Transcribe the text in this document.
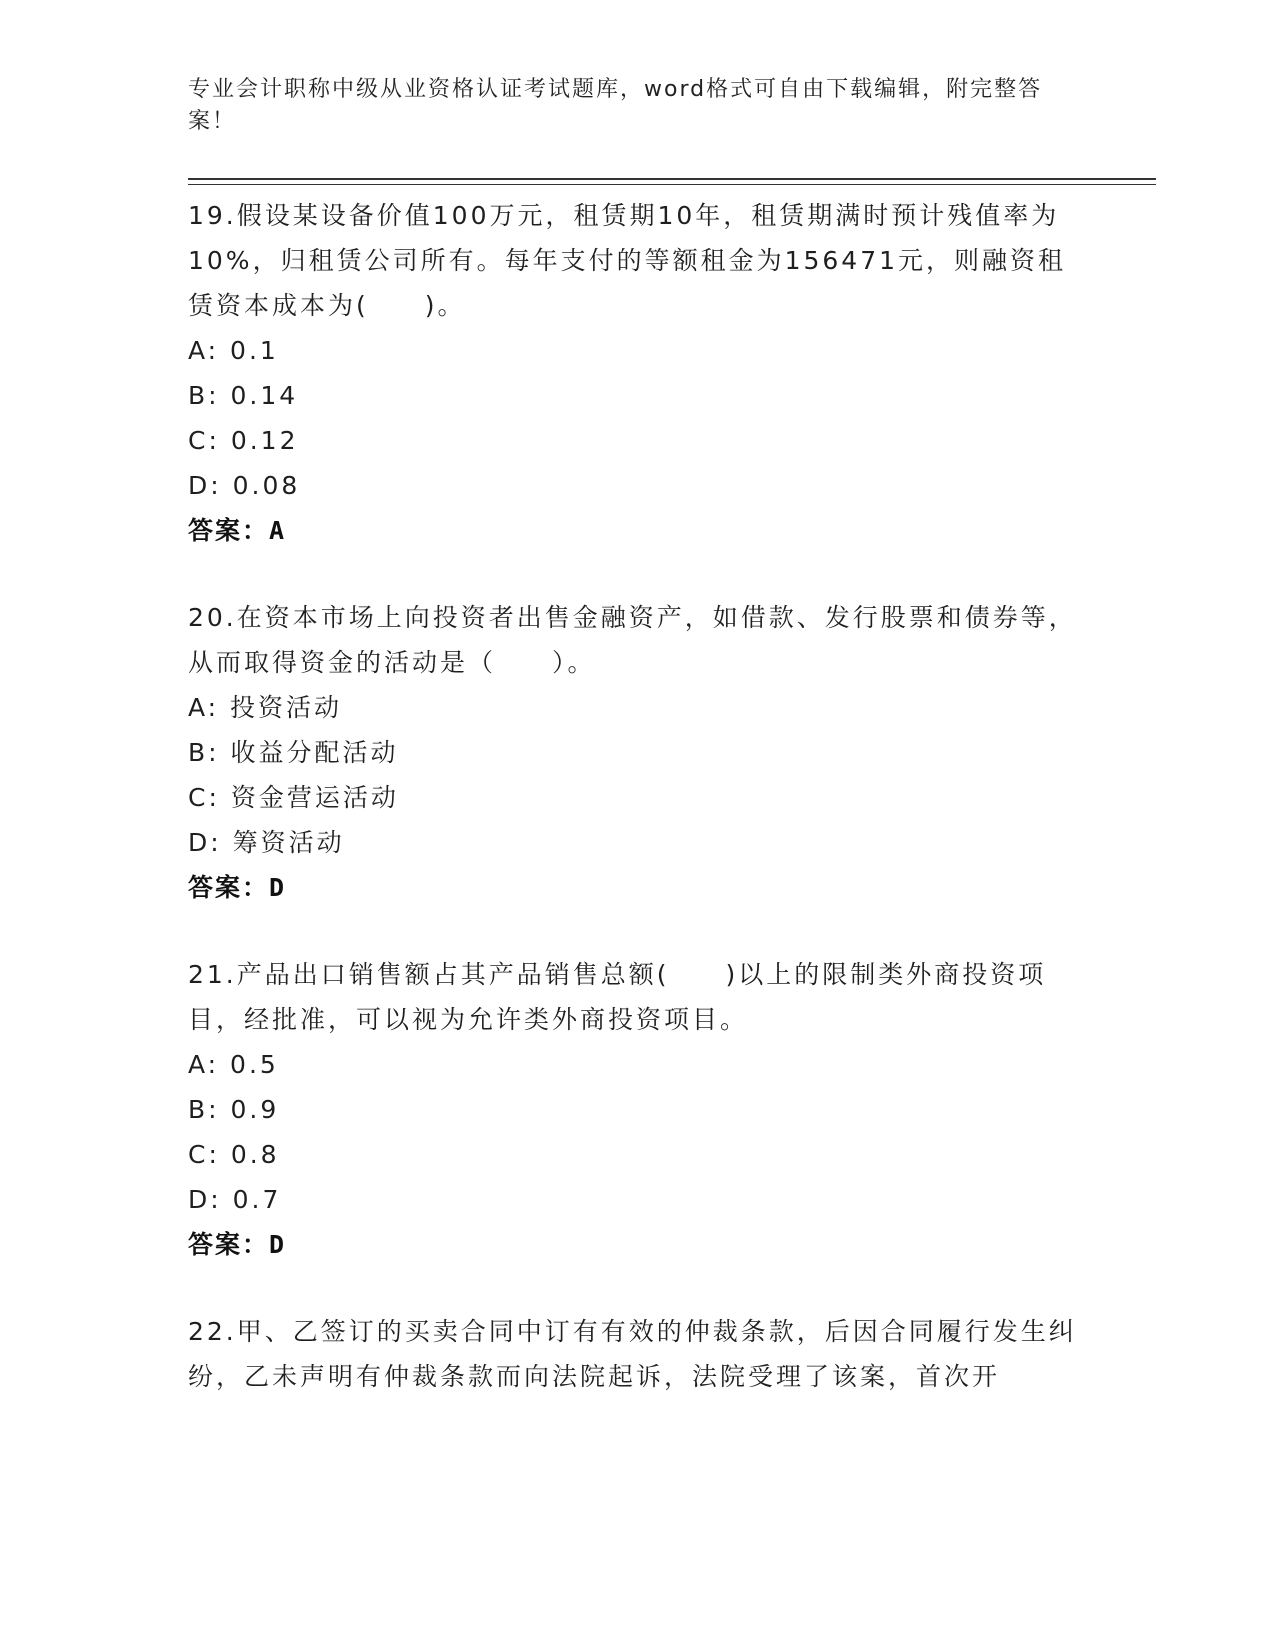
专业会计职称中级从业资格认证考试题库，word格式可自由下载编辑，附完整答案！

19.假设某设备价值100万元，租赁期10年，租赁期满时预计残值率为10%，归租赁公司所有。每年支付的等额租金为156471元，则融资租赁资本成本为(　　)。

A: 0.1

B: 0.14

C: 0.12

D: 0.08

答案：A

20.在资本市场上向投资者出售金融资产，如借款、发行股票和债券等，从而取得资金的活动是（　　）。

A: 投资活动

B: 收益分配活动

C: 资金营运活动

D: 筹资活动

答案：D

21.产品出口销售额占其产品销售总额(　　)以上的限制类外商投资项目，经批准，可以视为允许类外商投资项目。

A: 0.5

B: 0.9

C: 0.8

D: 0.7

答案：D

22.甲、乙签订的买卖合同中订有有效的仲裁条款，后因合同履行发生纠纷，乙未声明有仲裁条款而向法院起诉，法院受理了该案，首次开
